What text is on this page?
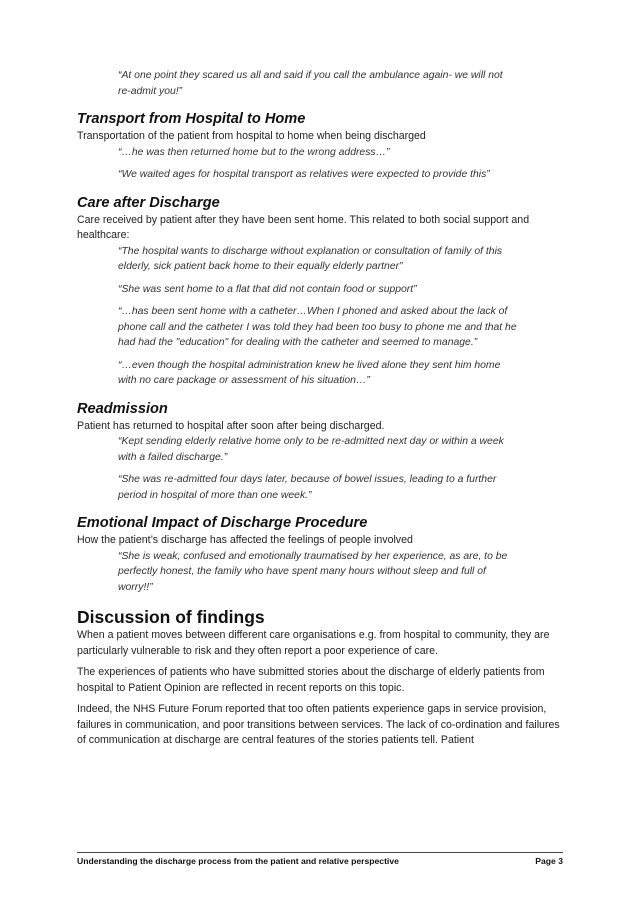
“At one point they scared us all and said if you call the ambulance again- we will not re-admit you!”

Transport from Hospital to Home

Transportation of the patient from hospital to home when being discharged

“…he was then returned home but to the wrong address…”

“We waited ages for hospital transport as relatives were expected to provide this”

Care after Discharge

Care received by patient after they have been sent home. This related to both social support and healthcare:

“The hospital wants to discharge without explanation or consultation of family of this elderly, sick patient back home to their equally elderly partner”

“She was sent home to a flat that did not contain food or support”

“…has been sent home with a catheter…When I phoned and asked about the lack of phone call and the catheter I was told they had been too busy to phone me and that he had had the "education" for dealing with the catheter and seemed to manage.”

“…even though the hospital administration knew he lived alone they sent him home with no care package or assessment of his situation…”

Readmission

Patient has returned to hospital after soon after being discharged.

“Kept sending elderly relative home only to be re-admitted next day or within a week with a failed discharge.”

“She was re-admitted four days later, because of bowel issues, leading to a further period in hospital of more than one week.”

Emotional Impact of Discharge Procedure

How the patient’s discharge has affected the feelings of people involved

“She is weak, confused and emotionally traumatised by her experience, as are, to be perfectly honest, the family who have spent many hours without sleep and full of worry!!”

Discussion of findings

When a patient moves between different care organisations e.g. from hospital to community, they are particularly vulnerable to risk and they often report a poor experience of care.

The experiences of patients who have submitted stories about the discharge of elderly patients from hospital to Patient Opinion are reflected in recent reports on this topic.

Indeed, the NHS Future Forum reported that too often patients experience gaps in service provision, failures in communication, and poor transitions between services. The lack of co-ordination and failures of communication at discharge are central features of the stories patients tell. Patient

Understanding the discharge process from the patient and relative perspective	Page 3
